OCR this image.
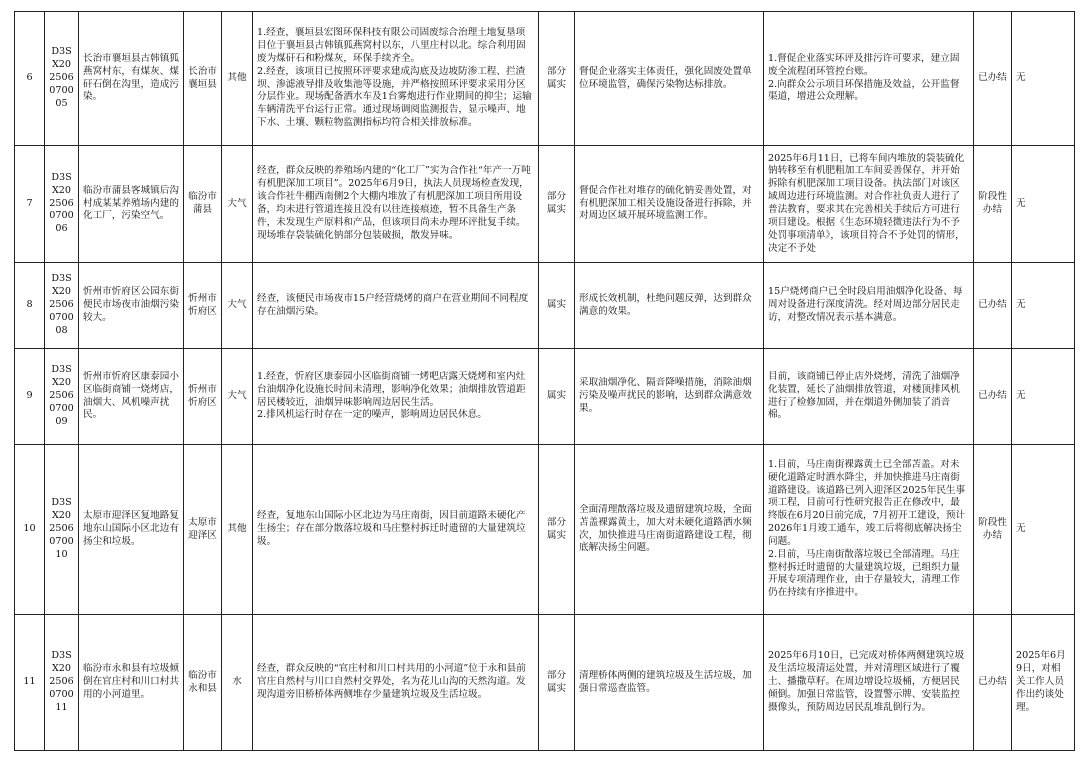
6	D3SX202506070005	长治市襄垣县古韩镇狐燕窝村东，有煤灰、煤矸石倒在沟里，造成污染。	长治市襄垣县	其他	1.经查，襄垣县宏图环保科技有限公司固废综合治理土地复垦项目位于襄垣县古韩镇狐燕窝村以东，八里庄村以北。综合利用固废为煤矸石和粉煤灰，环保手续齐全。
2.经查，该项目已按照环评要求建成沟底及边坡防渗工程、拦渣坝、渗滤液导排及收集池等设施，并严格按照环评要求采用分区分层作业。现场配备洒水车及1台雾炮进行作业期间的抑尘；运输车辆清洗平台运行正常。通过现场调阅监测报告，显示噪声、地下水、土壤、颗粒物监测指标均符合相关排放标准。	部分属实	督促企业落实主体责任，强化固废处置单位环境监管，确保污染物达标排放。	1.督促企业落实环评及排污许可要求，建立固废全流程闭环管控台账。
2.向群众公示项目环保措施及效益，公开监督渠道，增进公众理解。	已办结	无

7	D3SX202506070006	临汾市蒲县客城镇后沟村成某某养殖场内建的化工厂，污染空气。	临汾市蒲县	大气	经查，群众反映的养殖场内建的“化工厂”实为合作社“年产一万吨有机肥深加工项目”。2025年6月9日，执法人员现场检查发现，该合作社牛棚西南侧2个大棚内堆放了有机肥深加工项目所用设备，均未进行管道连接且没有以往连接痕迹，暂不具备生产条件，未发现生产原料和产品，但该项目尚未办理环评批复手续。现场堆存袋装硫化钠部分包装破损，散发异味。	部分属实	督促合作社对堆存的硫化钠妥善处置，对有机肥深加工相关设施设备进行拆除，并对周边区域开展环境监测工作。	2025年6月11日，已将车间内堆放的袋装硫化钠转移至有机肥粗加工车间妥善保存，并开始拆除有机肥深加工项目设备。执法部门对该区域周边进行环境监测。对合作社负责人进行了普法教育，要求其在完善相关手续后方可进行项目建设。根据《生态环境轻微违法行为不予处罚事项清单》，该项目符合不予处罚的情形，决定不予处	阶段性办结	无

8	D3SX202506070008	忻州市忻府区公园东街便民市场夜市油烟污染较大。	忻州市忻府区	大气	经查，该便民市场夜市15户经营烧烤的商户在营业期间不同程度存在油烟污染。	属实	形成长效机制，杜绝问题反弹，达到群众满意的效果。	15户烧烤商户已全时段启用油烟净化设备、每周对设备进行深度清洗。经对周边部分居民走访，对整改情况表示基本满意。	已办结	无

9	D3SX202506070009	忻州市忻府区康泰园小区临街商铺一烧烤店，油烟大、风机噪声扰民。	忻州市忻府区	大气	1.经查，忻府区康泰园小区临街商铺一烤吧店露天烧烤和室内灶台油烟净化设施长时间未清理，影响净化效果；油烟排放管道距居民楼较近，油烟异味影响周边居民生活。
2.排风机运行时存在一定的噪声，影响周边居民休息。	属实	采取油烟净化、隔音降噪措施，消除油烟污染及噪声扰民的影响，达到群众满意效果。	目前，该商铺已停止店外烧烤，清洗了油烟净化装置，延长了油烟排放管道，对楼顶排风机进行了检修加固，并在烟道外侧加装了消音棉。	已办结	无

10	D3SX202506070010	太原市迎泽区复地路复地东山国际小区北边有扬尘和垃圾。	太原市迎泽区	其他	经查，复地东山国际小区北边为马庄南街，因目前道路未硬化产生扬尘；存在部分散落垃圾和马庄整村拆迁时遗留的大量建筑垃圾。	部分属实	全面清理散落垃圾及遗留建筑垃圾，全面苫盖裸露黄土，加大对未硬化道路洒水频次，加快推进马庄南街道路建设工程，彻底解决扬尘问题。	1.目前，马庄南街裸露黄土已全部苫盖。对未硬化道路定时洒水降尘，并加快推进马庄南街道路建设。该道路已列入迎泽区2025年民生事项工程，目前可行性研究报告正在修改中，最终版在6月20日前完成，7月初开工建设，预计2026年1月竣工通车，竣工后将彻底解决扬尘问题。
2.目前，马庄南街散落垃圾已全部清理。马庄整村拆迁时遗留的大量建筑垃圾，已组织力量开展专项清理作业，由于存量较大，清理工作仍在持续有序推进中。	阶段性办结	无

11	D3SX202506070011	临汾市永和县有垃圾倾倒在官庄村和川口村共用的小河道里。	临汾市永和县	水	经查，群众反映的“官庄村和川口村共用的小河道”位于永和县前官庄自然村与川口自然村交界处，名为花儿山沟的天然沟道。发现沟道旁旧桥桥体两侧堆存少量建筑垃圾及生活垃圾。	部分属实	清理桥体两侧的建筑垃圾及生活垃圾，加强日常巡查监管。	2025年6月10日，已完成对桥体两侧建筑垃圾及生活垃圾清运处置，并对清理区域进行了覆土、播撒草籽。在周边增设垃圾桶，方便居民倾倒。加强日常监管，设置警示牌、安装监控摄像头，预防周边居民乱堆乱倒行为。	已办结	2025年6月9日，对相关工作人员作出约谈处理。
